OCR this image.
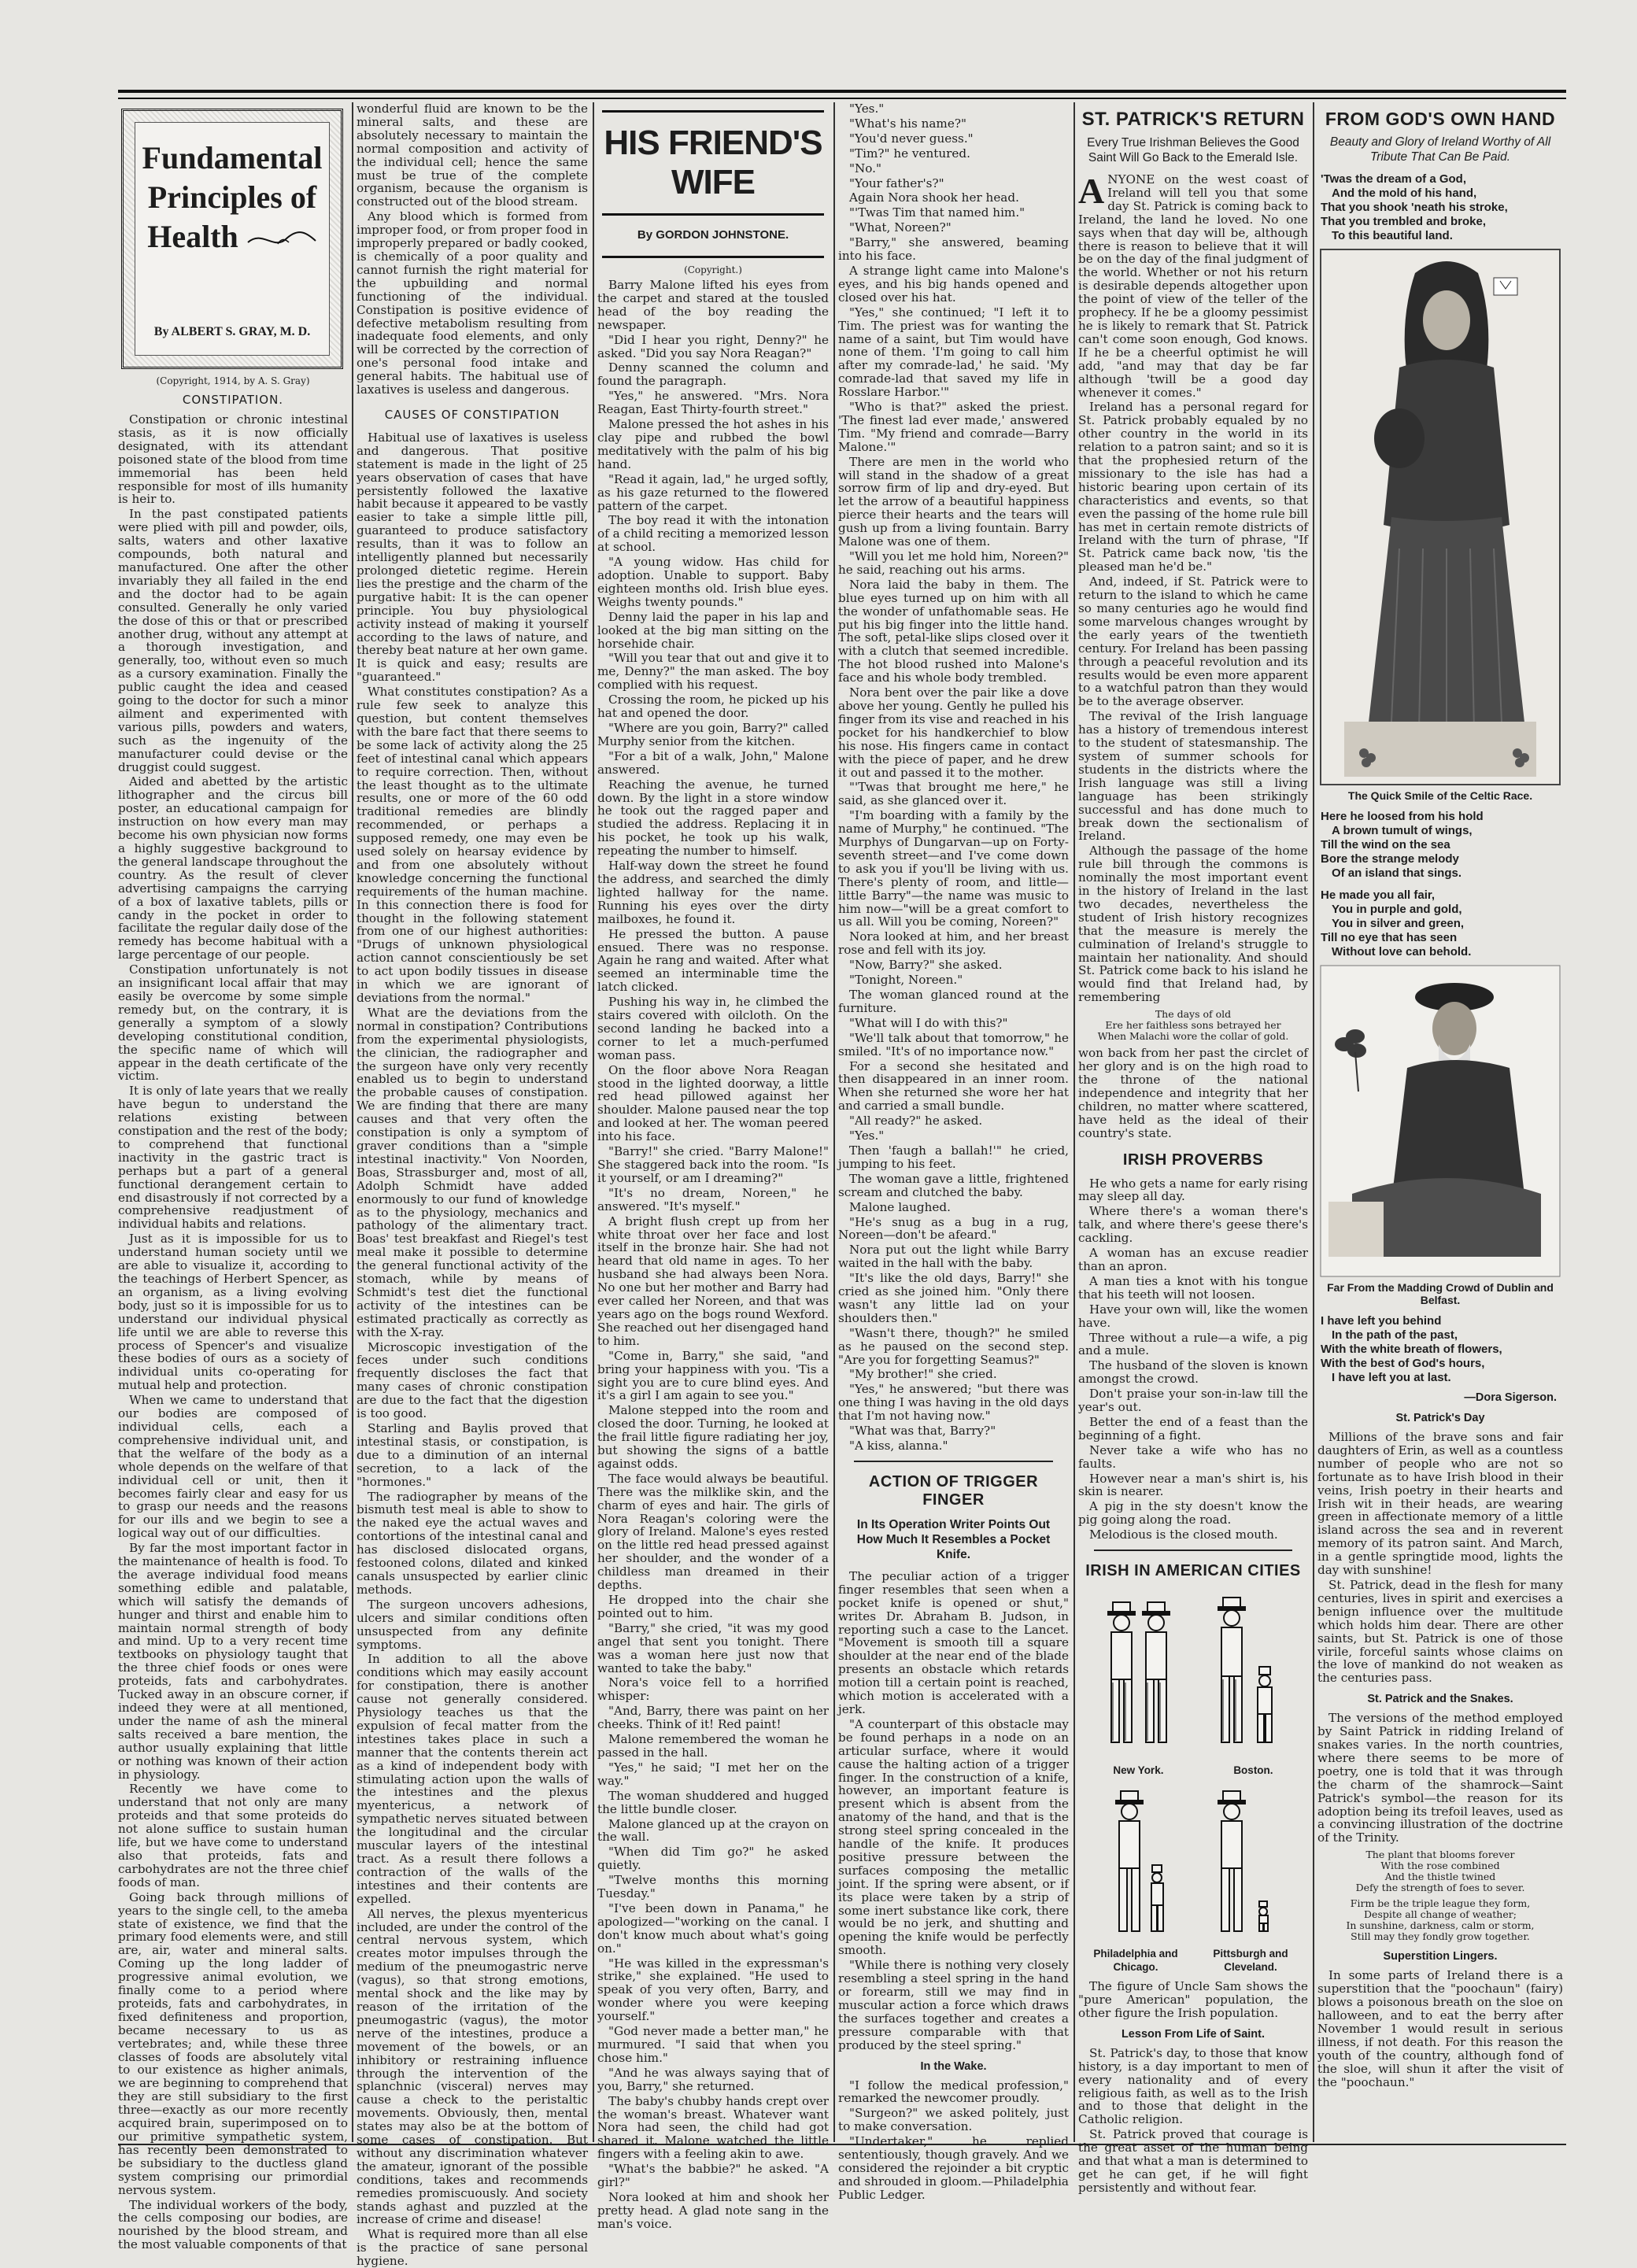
Fundamental
Principles of
Health
By ALBERT S. GRAY, M. D.
(Copyright, 1914, by A. S. Gray)
CONSTIPATION.

Constipation or chronic intestinal stasis, as it is now officially designated, with its attendant poisoned state of the blood from time immemorial has been held responsible for most of ills humanity is heir to.

In the past constipated patients were plied with pill and powder, oils, salts, waters and other laxative compounds, both natural and manufactured. One after the other invariably they all failed in the end and the doctor had to be again consulted. Generally he only varied the dose of this or that or prescribed another drug, without any attempt at a thorough investigation, and generally, too, without even so much as a cursory examination. Finally the public caught the idea and ceased going to the doctor for such a minor ailment and experimented with various pills, powders and waters, such as the ingenuity of the manufacturer could devise or the druggist could suggest.

Aided and abetted by the artistic lithographer and the circus bill poster, an educational campaign for instruction on how every man may become his own physician now forms a highly suggestive background to the general landscape throughout the country. As the result of clever advertising campaigns the carrying of a box of laxative tablets, pills or candy in the pocket in order to facilitate the regular daily dose of the remedy has become habitual with a large percentage of our people.

Constipation unfortunately is not an insignificant local affair that may easily be overcome by some simple remedy but, on the contrary, it is generally a symptom of a slowly developing constitutional condition, the specific name of which will appear in the death certificate of the victim.

It is only of late years that we really have begun to understand the relations existing between constipation and the rest of the body; to comprehend that functional inactivity in the gastric tract is perhaps but a part of a general functional derangement certain to end disastrously if not corrected by a comprehensive readjustment of individual habits and relations.

Just as it is impossible for us to understand human society until we are able to visualize it, according to the teachings of Herbert Spencer, as an organism, as a living evolving body, just so it is impossible for us to understand our individual physical life until we are able to reverse this process of Spencer's and visualize these bodies of ours as a society of individual units co-operating for mutual help and protection.

When we came to understand that our bodies are composed of individual cells, each a comprehensive individual unit, and that the welfare of the body as a whole depends on the welfare of that individual cell or unit, then it becomes fairly clear and easy for us to grasp our needs and the reasons for our ills and we begin to see a logical way out of our difficulties.

By far the most important factor in the maintenance of health is food. To the average individual food means something edible and palatable, which will satisfy the demands of hunger and thirst and enable him to maintain normal strength of body and mind. Up to a very recent time textbooks on physiology taught that the three chief foods or ones were proteids, fats and carbohydrates. Tucked away in an obscure corner, if indeed they were at all mentioned, under the name of ash the mineral salts received a bare mention, the author usually explaining that little or nothing was known of their action in physiology.

Recently we have come to understand that not only are many proteids and that some proteids do not alone suffice to sustain human life, but we have come to understand also that proteids, fats and carbohydrates are not the three chief foods of man.

Going back through millions of years to the single cell, to the ameba state of existence, we find that the primary food elements were, and still are, air, water and mineral salts. Coming up the long ladder of progressive animal evolution, we finally come to a period where proteids, fats and carbohydrates, in fixed definiteness and proportion, became necessary to us as vertebrates; and, while these three classes of foods are absolutely vital to our existence as higher animals, we are beginning to comprehend that they are still subsidiary to the first three—exactly as our more recently acquired brain, superimposed on to our primitive sympathetic system, has recently been demonstrated to be subsidiary to the ductless gland system comprising our primordial nervous system.

The individual workers of the body, the cells composing our bodies, are nourished by the blood stream, and the most valuable components of that

wonderful fluid are known to be the mineral salts, and these are absolutely necessary to maintain the normal composition and activity of the individual cell; hence the same must be true of the complete organism, because the organism is constructed out of the blood stream.

Any blood which is formed from improper food, or from proper food in improperly prepared or badly cooked, is chemically of a poor quality and cannot furnish the right material for the upbuilding and normal functioning of the individual. Constipation is positive evidence of defective metabolism resulting from inadequate food elements, and only will be corrected by the correction of one's personal food intake and general habits. The habitual use of laxatives is useless and dangerous.

CAUSES OF CONSTIPATION

Habitual use of laxatives is useless and dangerous. That positive statement is made in the light of 25 years observation of cases that have persistently followed the laxative habit because it appeared to be vastly easier to take a simple little pill, guaranteed to produce satisfactory results, than it was to follow an intelligently planned but necessarily prolonged dietetic regime. Herein lies the prestige and the charm of the purgative habit: It is the can opener principle. You buy physiological activity instead of making it yourself according to the laws of nature, and thereby beat nature at her own game. It is quick and easy; results are "guaranteed."

What constitutes constipation? As a rule few seek to analyze this question, but content themselves with the bare fact that there seems to be some lack of activity along the 25 feet of intestinal canal which appears to require correction. Then, without the least thought as to the ultimate results, one or more of the 60 odd traditional remedies are blindly recommended, or perhaps a supposed remedy, one may even be used solely on hearsay evidence by and from one absolutely without knowledge concerning the functional requirements of the human machine. In this connection there is food for thought in the following statement from one of our highest authorities: "Drugs of unknown physiological action cannot conscientiously be set to act upon bodily tissues in disease in which we are ignorant of deviations from the normal."

What are the deviations from the normal in constipation? Contributions from the experimental physiologists, the clinician, the radiographer and the surgeon have only very recently enabled us to begin to understand the probable causes of constipation. We are finding that there are many causes and that very often the constipation is only a symptom of graver conditions than a "simple intestinal inactivity." Von Noorden, Boas, Strassburger and, most of all, Adolph Schmidt have added enormously to our fund of knowledge as to the physiology, mechanics and pathology of the alimentary tract. Boas' test breakfast and Riegel's test meal make it possible to determine the general functional activity of the stomach, while by means of Schmidt's test diet the functional activity of the intestines can be estimated practically as correctly as with the X-ray.

Microscopic investigation of the feces under such conditions frequently discloses the fact that many cases of chronic constipation are due to the fact that the digestion is too good.

Starling and Baylis proved that intestinal stasis, or constipation, is due to a diminution of an internal secretion, to a lack of the "hormones."

The radiographer by means of the bismuth test meal is able to show to the naked eye the actual waves and contortions of the intestinal canal and has disclosed dislocated organs, festooned colons, dilated and kinked canals unsuspected by earlier clinic methods.

The surgeon uncovers adhesions, ulcers and similar conditions often unsuspected from any definite symptoms.

In addition to all the above conditions which may easily account for constipation, there is another cause not generally considered. Physiology teaches us that the expulsion of fecal matter from the intestines takes place in such a manner that the contents therein act as a kind of independent body with stimulating action upon the walls of the intestines and the plexus myentericus, a network of sympathetic nerves situated between the longitudinal and the circular muscular layers of the intestinal tract. As a result there follows a contraction of the walls of the intestines and their contents are expelled.

All nerves, the plexus myentericus included, are under the control of the central nervous system, which creates motor impulses through the medium of the pneumogastric nerve (vagus), so that strong emotions, mental shock and the like may by reason of the irritation of the pneumogastric (vagus), the motor nerve of the intestines, produce a movement of the bowels, or an inhibitory or restraining influence through the intervention of the splanchnic (visceral) nerves may cause a check to the peristaltic movements. Obviously, then, mental states may also be at the bottom of some cases of constipation. But without any discrimination whatever the amateur, ignorant of the possible conditions, takes and recommends remedies promiscuously. And society stands aghast and puzzled at the increase of crime and disease!

What is required more than all else is the practice of sane personal hygiene.

HIS FRIEND'S WIFE
By GORDON JOHNSTONE.
(Copyright.)

Barry Malone lifted his eyes from the carpet and stared at the tousled head of the boy reading the newspaper.

"Did I hear you right, Denny?" he asked. "Did you say Nora Reagan?"

Denny scanned the column and found the paragraph.

"Yes," he answered. "Mrs. Nora Reagan, East Thirty-fourth street."

Malone pressed the hot ashes in his clay pipe and rubbed the bowl meditatively with the palm of his big hand.

"Read it again, lad," he urged softly, as his gaze returned to the flowered pattern of the carpet.

The boy read it with the intonation of a child reciting a memorized lesson at school.

"A young widow. Has child for adoption. Unable to support. Baby eighteen months old. Irish blue eyes. Weighs twenty pounds."

Denny laid the paper in his lap and looked at the big man sitting on the horsehide chair.

"Will you tear that out and give it to me, Denny?" the man asked. The boy complied with his request.

Crossing the room, he picked up his hat and opened the door.

"Where are you goin, Barry?" called Murphy senior from the kitchen.

"For a bit of a walk, John," Malone answered.

Reaching the avenue, he turned down. By the light in a store window he took out the ragged paper and studied the address. Replacing it in his pocket, he took up his walk, repeating the number to himself.

Half-way down the street he found the address, and searched the dimly lighted hallway for the name. Running his eyes over the dirty mailboxes, he found it.

He pressed the button. A pause ensued. There was no response. Again he rang and waited. After what seemed an interminable time the latch clicked.

Pushing his way in, he climbed the stairs covered with oilcloth. On the second landing he backed into a corner to let a much-perfumed woman pass.

On the floor above Nora Reagan stood in the lighted doorway, a little red head pillowed against her shoulder. Malone paused near the top and looked at her. The woman peered into his face.

"Barry!" she cried. "Barry Malone!" She staggered back into the room. "Is it yourself, or am I dreaming?"

"It's no dream, Noreen," he answered. "It's myself."

A bright flush crept up from her white throat over her face and lost itself in the bronze hair. She had not heard that old name in ages. To her husband she had always been Nora. No one but her mother and Barry had ever called her Noreen, and that was years ago on the bogs round Wexford. She reached out her disengaged hand to him.

"Come in, Barry," she said, "and bring your happiness with you. 'Tis a sight you are to cure blind eyes. And it's a girl I am again to see you."

Malone stepped into the room and closed the door. Turning, he looked at the frail little figure radiating her joy, but showing the signs of a battle against odds.

The face would always be beautiful. There was the milklike skin, and the charm of eyes and hair. The girls of Nora Reagan's coloring were the glory of Ireland. Malone's eyes rested on the little red head pressed against her shoulder, and the wonder of a childless man dreamed in their depths.

He dropped into the chair she pointed out to him.

"Barry," she cried, "it was my good angel that sent you tonight. There was a woman here just now that wanted to take the baby."

Nora's voice fell to a horrified whisper:

"And, Barry, there was paint on her cheeks. Think of it! Red paint!

Malone remembered the woman he passed in the hall.

"Yes," he said; "I met her on the way."

The woman shuddered and hugged the little bundle closer.

Malone glanced up at the crayon on the wall.

"When did Tim go?" he asked quietly.

"Twelve months this morning Tuesday."

"I've been down in Panama," he apologized—"working on the canal. I don't know much about what's going on."

"He was killed in the expressman's strike," she explained. "He used to speak of you very often, Barry, and wonder where you were keeping yourself."

"God never made a better man," he murmured. "I said that when you chose him."

"And he was always saying that of you, Barry," she returned.

The baby's chubby hands crept over the woman's breast. Whatever want Nora had seen, the child had got shared it. Malone watched the little fingers with a feeling akin to awe.

"What's the babbie?" he asked. "A girl?"

Nora looked at him and shook her pretty head. A glad note sang in the man's voice.

"Yes."

"What's his name?"

"You'd never guess."

"Tim?" he ventured.

"No."

"Your father's?"

Again Nora shook her head.

"'Twas Tim that named him."

"What, Noreen?"

"Barry," she answered, beaming into his face.

A strange light came into Malone's eyes, and his big hands opened and closed over his hat.

"Yes," she continued; "I left it to Tim. The priest was for wanting the name of a saint, but Tim would have none of them. 'I'm going to call him after my comrade-lad,' he said. 'My comrade-lad that saved my life in Rosslare Harbor.'"

"Who is that?" asked the priest. 'The finest lad ever made,' answered Tim. "My friend and comrade—Barry Malone.'"

There are men in the world who will stand in the shadow of a great sorrow firm of lip and dry-eyed. But let the arrow of a beautiful happiness pierce their hearts and the tears will gush up from a living fountain. Barry Malone was one of them.

"Will you let me hold him, Noreen?" he said, reaching out his arms.

Nora laid the baby in them. The blue eyes turned up on him with all the wonder of unfathomable seas. He put his big finger into the little hand. The soft, petal-like slips closed over it with a clutch that seemed incredible. The hot blood rushed into Malone's face and his whole body trembled.

Nora bent over the pair like a dove above her young. Gently he pulled his finger from its vise and reached in his pocket for his handkerchief to blow his nose. His fingers came in contact with the piece of paper, and he drew it out and passed it to the mother.

"'Twas that brought me here," he said, as she glanced over it.

"I'm boarding with a family by the name of Murphy," he continued. "The Murphys of Dungarvan—up on Forty-seventh street—and I've come down to ask you if you'll be living with us. There's plenty of room, and little—little Barry"—the name was music to him now—"will be a great comfort to us all. Will you be coming, Noreen?"

Nora looked at him, and her breast rose and fell with its joy.

"Now, Barry?" she asked.

"Tonight, Noreen."

The woman glanced round at the furniture.

"What will I do with this?"

"We'll talk about that tomorrow," he smiled. "It's of no importance now."

For a second she hesitated and then disappeared in an inner room. When she returned she wore her hat and carried a small bundle.

"All ready?" he asked.

"Yes."

Then 'faugh a ballah!'" he cried, jumping to his feet.

The woman gave a little, frightened scream and clutched the baby.

Malone laughed.

"He's snug as a bug in a rug, Noreen—don't be afeard."

Nora put out the light while Barry waited in the hall with the baby.

"It's like the old days, Barry!" she cried as she joined him. "Only there wasn't any little lad on your shoulders then."

"Wasn't there, though?" he smiled as he paused on the second step. "Are you for forgetting Seamus?"

"My brother!" she cried.

"Yes," he answered; "but there was one thing I was having in the old days that I'm not having now."

"What was that, Barry?"

"A kiss, alanna."

ACTION OF TRIGGER FINGER
In Its Operation Writer Points Out How Much It Resembles a Pocket Knife.

The peculiar action of a trigger finger resembles that seen when a pocket knife is opened or shut," writes Dr. Abraham B. Judson, in reporting such a case to the Lancet. "Movement is smooth till a square shoulder at the near end of the blade presents an obstacle which retards motion till a certain point is reached, which motion is accelerated with a jerk.

"A counterpart of this obstacle may be found perhaps in a node on an articular surface, where it would cause the halting action of a trigger finger. In the construction of a knife, however, an important feature is present which is absent from the anatomy of the hand, and that is the strong steel spring concealed in the handle of the knife. It produces positive pressure between the surfaces composing the metallic joint. If the spring were absent, or if its place were taken by a strip of some inert substance like cork, there would be no jerk, and shutting and opening the knife would be perfectly smooth.

"While there is nothing very closely resembling a steel spring in the hand or forearm, still we may find in muscular action a force which draws the surfaces together and creates a pressure comparable with that produced by the steel spring."

In the Wake.

"I follow the medical profession," remarked the newcomer proudly.

"Surgeon?" we asked politely, just to make conversation.

"Undertaker," he replied sententiously, though gravely. And we considered the rejoinder a bit cryptic and shrouded in gloom.—Philadelphia Public Ledger.

ST. PATRICK'S RETURN
Every True Irishman Believes the Good Saint Will Go Back to the Emerald Isle.

ANYONE on the west coast of Ireland will tell you that some day St. Patrick is coming back to Ireland, the land he loved. No one says when that day will be, although there is reason to believe that it will be on the day of the final judgment of the world. Whether or not his return is desirable depends altogether upon the point of view of the teller of the prophecy. If he be a gloomy pessimist he is likely to remark that St. Patrick can't come soon enough, God knows. If he be a cheerful optimist he will add, "and may that day be far although 'twill be a good day whenever it comes."

Ireland has a personal regard for St. Patrick probably equaled by no other country in the world in its relation to a patron saint; and so it is that the prophesied return of the missionary to the isle has had a historic bearing upon certain of its characteristics and events, so that even the passing of the home rule bill has met in certain remote districts of Ireland with the turn of phrase, "If St. Patrick came back now, 'tis the pleased man he'd be."

And, indeed, if St. Patrick were to return to the island to which he came so many centuries ago he would find some marvelous changes wrought by the early years of the twentieth century. For Ireland has been passing through a peaceful revolution and its results would be even more apparent to a watchful patron than they would be to the average observer.

The revival of the Irish language has a history of tremendous interest to the student of statesmanship. The system of summer schools for students in the districts where the Irish language was still a living language has been strikingly successful and has done much to break down the sectionalism of Ireland.

Although the passage of the home rule bill through the commons is nominally the most important event in the history of Ireland in the last two decades, nevertheless the student of Irish history recognizes that the measure is merely the culmination of Ireland's struggle to maintain her nationality. And should St. Patrick come back to his island he would find that Ireland had, by remembering

The days of old
Ere her faithless sons betrayed her
When Malachi wore the collar of gold.

won back from her past the circlet of her glory and is on the high road to the throne of the national independence and integrity that her children, no matter where scattered, have held as the ideal of their country's state.

IRISH PROVERBS

He who gets a name for early rising may sleep all day.

Where there's a woman there's talk, and where there's geese there's cackling.

A woman has an excuse readier than an apron.

A man ties a knot with his tongue that his teeth will not loosen.

Have your own will, like the women have.

Three without a rule—a wife, a pig and a mule.

The husband of the sloven is known amongst the crowd.

Don't praise your son-in-law till the year's out.

Better the end of a feast than the beginning of a fight.

Never take a wife who has no faults.

However near a man's shirt is, his skin is nearer.

A pig in the sty doesn't know the pig going along the road.

Melodious is the closed mouth.

IRISH IN AMERICAN CITIES
New York.	Boston.
Philadelphia and Chicago.
Pittsburgh and Cleveland.

The figure of Uncle Sam shows the "pure American" population, the other figure the Irish population.

Lesson From Life of Saint.

St. Patrick's day, to those that know history, is a day important to men of every nationality and of every religious faith, as well as to the Irish and to those that delight in the Catholic religion.

St. Patrick proved that courage is the great asset of the human being and that what a man is determined to get he can get, if he will fight persistently and without fear.

FROM GOD'S OWN HAND
Beauty and Glory of Ireland Worthy of All Tribute That Can Be Paid.
'Twas the dream of a God,
And the mold of his hand,
That you shook 'neath his stroke,
That you trembled and broke,
To this beautiful land.
The Quick Smile of the Celtic Race.
Here he loosed from his hold
A brown tumult of wings,
Till the wind on the sea
Bore the strange melody
Of an island that sings.
He made you all fair,
You in purple and gold,
You in silver and green,
Till no eye that has seen
Without love can behold.
Far From the Madding Crowd of Dublin and Belfast.
I have left you behind
In the path of the past,
With the white breath of flowers,
With the best of God's hours,
I have left you at last.
—Dora Sigerson.
St. Patrick's Day

Millions of the brave sons and fair daughters of Erin, as well as a countless number of people who are not so fortunate as to have Irish blood in their veins, Irish poetry in their hearts and Irish wit in their heads, are wearing green in affectionate memory of a little island across the sea and in reverent memory of its patron saint. And March, in a gentle springtide mood, lights the day with sunshine!

St. Patrick, dead in the flesh for many centuries, lives in spirit and exercises a benign influence over the multitude which holds him dear. There are other saints, but St. Patrick is one of those virile, forceful saints whose claims on the love of mankind do not weaken as the centuries pass.

St. Patrick and the Snakes.

The versions of the method employed by Saint Patrick in ridding Ireland of snakes varies. In the north countries, where there seems to be more of poetry, one is told that it was through the charm of the shamrock—Saint Patrick's symbol—the reason for its adoption being its trefoil leaves, used as a convincing illustration of the doctrine of the Trinity.

The plant that blooms forever
With the rose combined
And the thistle twined
Defy the strength of foes to sever.
Firm be the triple league they form,
Despite all change of weather;
In sunshine, darkness, calm or storm,
Still may they fondly grow together.
Superstition Lingers.

In some parts of Ireland there is a superstition that the "poochaun" (fairy) blows a poisonous breath on the sloe on halloween, and to eat the berry after November 1 would result in serious illness, if not death. For this reason the youth of the country, although fond of the sloe, will shun it after the visit of the "poochaun."
